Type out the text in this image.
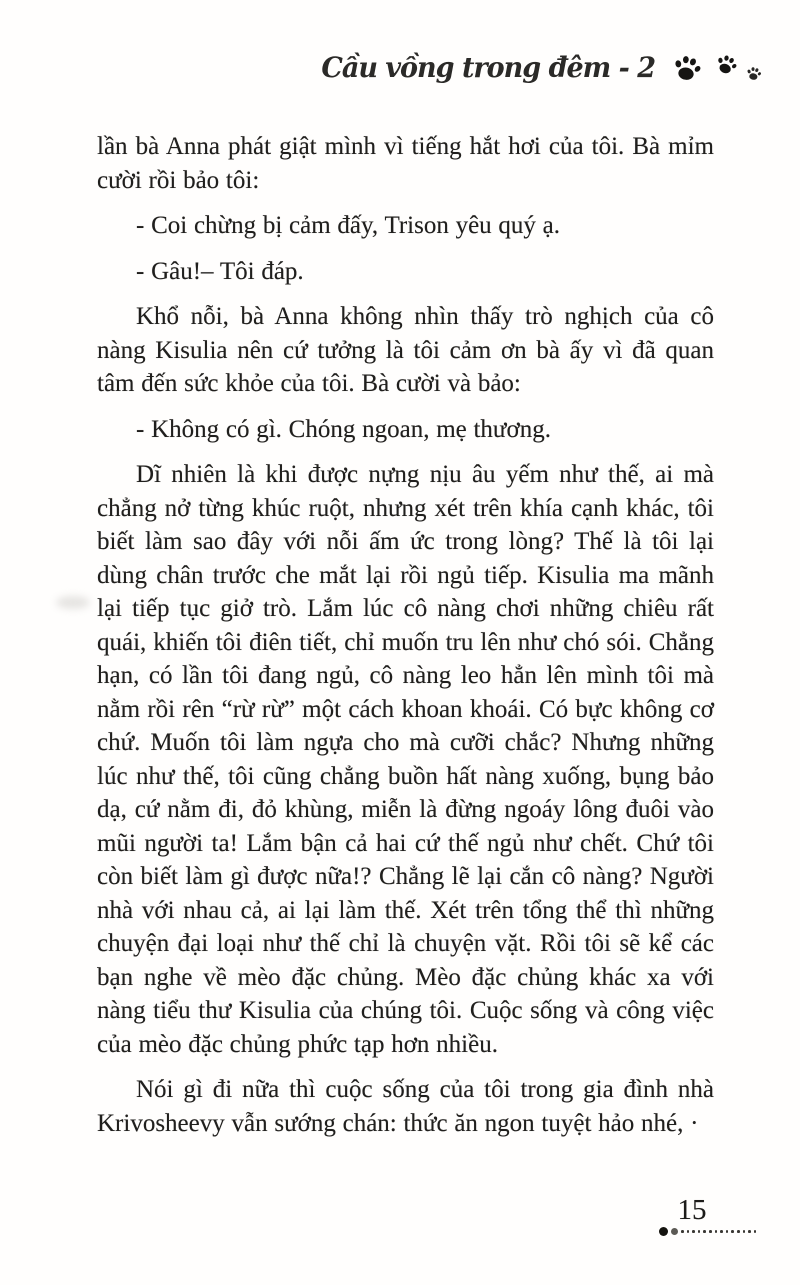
Cầu vồng trong đêm - 2

lần bà Anna phát giật mình vì tiếng hắt hơi của tôi. Bà mỉm cười rồi bảo tôi:

- Coi chừng bị cảm đấy, Trison yêu quý ạ.

- Gâu!– Tôi đáp.

Khổ nỗi, bà Anna không nhìn thấy trò nghịch của cô nàng Kisulia nên cứ tưởng là tôi cảm ơn bà ấy vì đã quan tâm đến sức khỏe của tôi. Bà cười và bảo:

- Không có gì. Chóng ngoan, mẹ thương.

Dĩ nhiên là khi được nựng nịu âu yếm như thế, ai mà chẳng nở từng khúc ruột, nhưng xét trên khía cạnh khác, tôi biết làm sao đây với nỗi ấm ức trong lòng? Thế là tôi lại dùng chân trước che mắt lại rồi ngủ tiếp. Kisulia ma mãnh lại tiếp tục giở trò. Lắm lúc cô nàng chơi những chiêu rất quái, khiến tôi điên tiết, chỉ muốn tru lên như chó sói. Chẳng hạn, có lần tôi đang ngủ, cô nàng leo hẳn lên mình tôi mà nằm rồi rên “rừ rừ” một cách khoan khoái. Có bực không cơ chứ. Muốn tôi làm ngựa cho mà cưỡi chắc? Nhưng những lúc như thế, tôi cũng chẳng buồn hất nàng xuống, bụng bảo dạ, cứ nằm đi, đỏ khùng, miễn là đừng ngoáy lông đuôi vào mũi người ta! Lắm bận cả hai cứ thế ngủ như chết. Chứ tôi còn biết làm gì được nữa!? Chẳng lẽ lại cắn cô nàng? Người nhà với nhau cả, ai lại làm thế. Xét trên tổng thể thì những chuyện đại loại như thế chỉ là chuyện vặt. Rồi tôi sẽ kể các bạn nghe về mèo đặc chủng. Mèo đặc chủng khác xa với nàng tiểu thư Kisulia của chúng tôi. Cuộc sống và công việc của mèo đặc chủng phức tạp hơn nhiều.

Nói gì đi nữa thì cuộc sống của tôi trong gia đình nhà Krivosheevy vẫn sướng chán: thức ăn ngon tuyệt hảo nhé, ·

15
